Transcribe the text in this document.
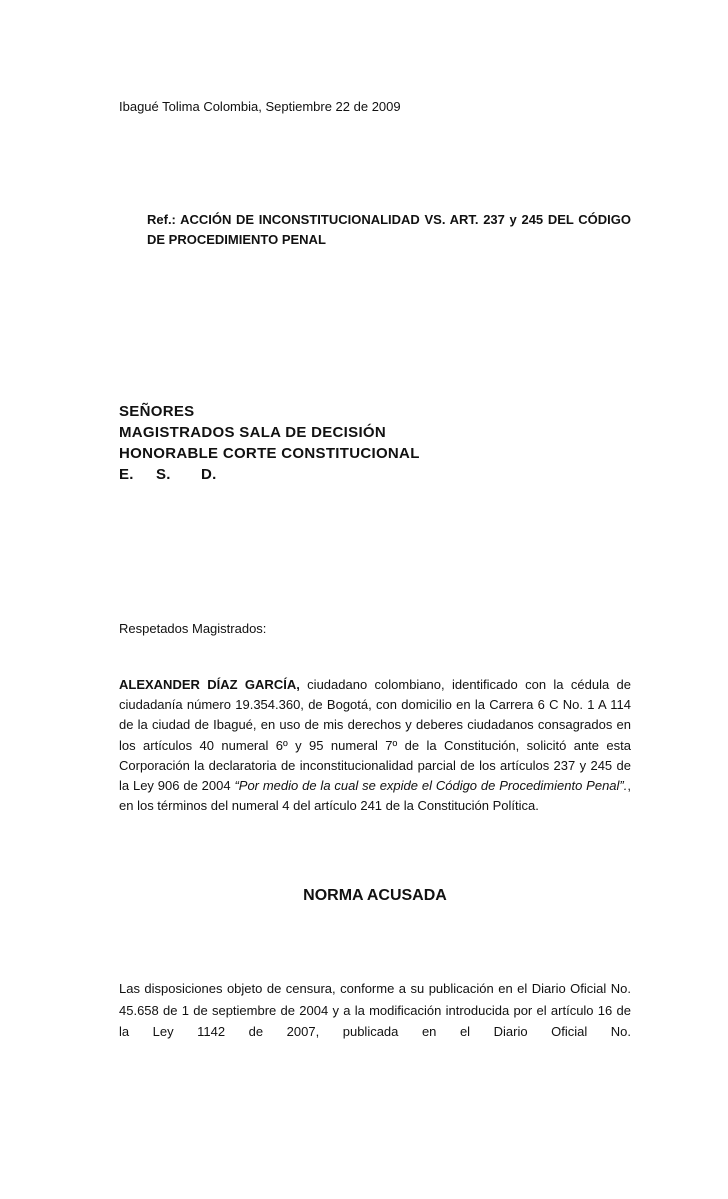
Ibagué Tolima Colombia, Septiembre 22 de 2009
Ref.: ACCIÓN DE INCONSTITUCIONALIDAD VS. ART. 237 y 245 DEL CÓDIGO DE PROCEDIMIENTO PENAL
SEÑORES
MAGISTRADOS SALA DE DECISIÓN
HONORABLE CORTE CONSTITUCIONAL
E. S. D.
Respetados Magistrados:
ALEXANDER DÍAZ GARCÍA, ciudadano colombiano, identificado con la cédula de ciudadanía número 19.354.360, de Bogotá, con domicilio en la Carrera 6 C No. 1 A 114 de la ciudad de Ibagué, en uso de mis derechos y deberes ciudadanos consagrados en los artículos 40 numeral 6º y 95 numeral 7º de la Constitución, solicitó ante esta Corporación la declaratoria de inconstitucionalidad parcial de los artículos 237 y 245 de la Ley 906 de 2004 “Por medio de la cual se expide el Código de Procedimiento Penal”., en los términos del numeral 4 del artículo 241 de la Constitución Política.
NORMA ACUSADA
Las disposiciones objeto de censura, conforme a su publicación en el Diario Oficial No. 45.658 de 1 de septiembre de 2004 y a la modificación introducida por el artículo 16 de la Ley 1142 de 2007, publicada en el Diario Oficial No.
